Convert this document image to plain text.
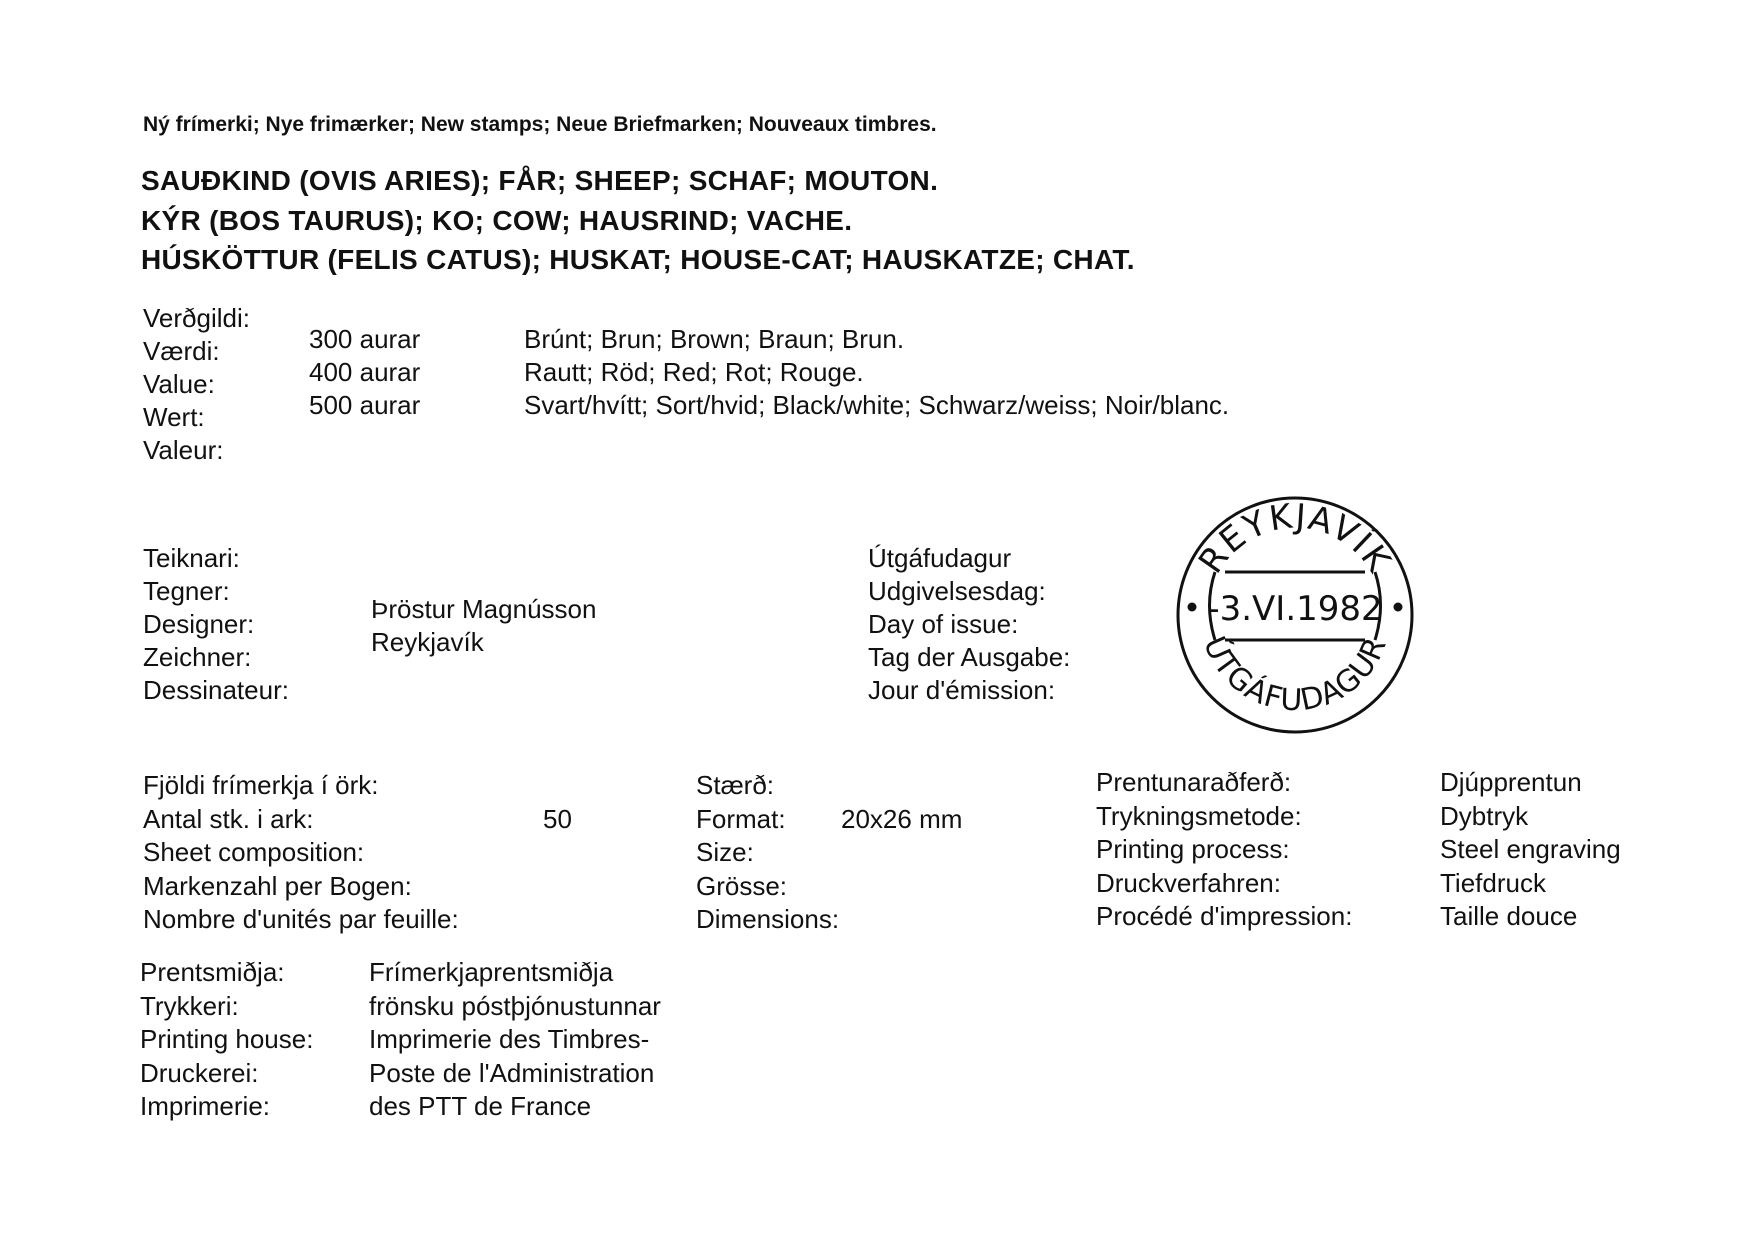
Ný frímerki; Nye frimærker; New stamps; Neue Briefmarken; Nouveaux timbres.
SAUÐKIND (OVIS ARIES); FÅR; SHEEP; SCHAF; MOUTON.
KÝR (BOS TAURUS); KO; COW; HAUSRIND; VACHE.
HÚSKÖTTUR (FELIS CATUS); HUSKAT; HOUSE-CAT; HAUSKATZE; CHAT.
Verðgildi:
Værdi:
Value:
Wert:
Valeur:
300 aurar
400 aurar
500 aurar
Brúnt; Brun; Brown; Braun; Brun.
Rautt; Röd; Red; Rot; Rouge.
Svart/hvítt; Sort/hvid; Black/white; Schwarz/weiss; Noir/blanc.
Teiknari:
Tegner:
Designer:
Zeichner:
Dessinateur:
Þröstur Magnússon
Reykjavík
Útgáfudagur
Udgivelsesdag:
Day of issue:
Tag der Ausgabe:
Jour d'émission:
REYKJAVÍK
ÚTGÁFUDAGUR
-3.VI.1982
Fjöldi frímerkja í örk:
Antal stk. i ark:
Sheet composition:
Markenzahl per Bogen:
Nombre d'unités par feuille:
50
Stærð:
Format:
Size:
Grösse:
Dimensions:
20x26 mm
Prentunaraðferð:
Trykningsmetode:
Printing process:
Druckverfahren:
Procédé d'impression:
Djúpprentun
Dybtryk
Steel engraving
Tiefdruck
Taille douce
Prentsmiðja:
Trykkeri:
Printing house:
Druckerei:
Imprimerie:
Frímerkjaprentsmiðja
frönsku póstþjónustunnar
Imprimerie des Timbres-
Poste de l'Administration
des PTT de France
